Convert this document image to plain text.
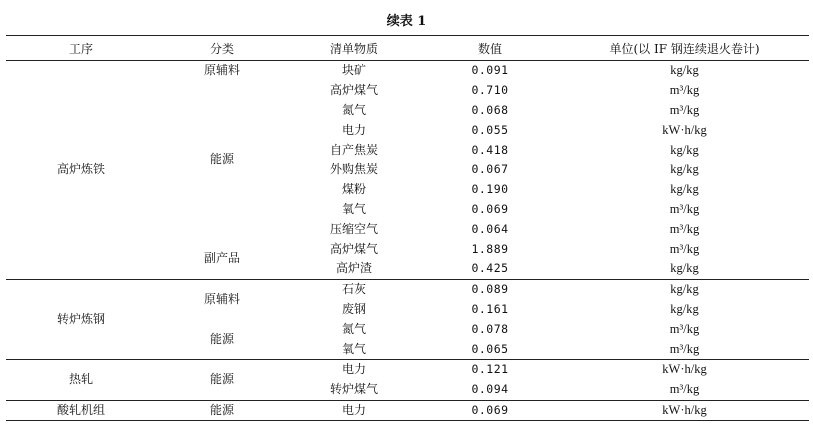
续表 1
工序	分类	清单物质	数值	单位(以 IF 钢连续退火卷计)
高炉炼铁	原辅料	块矿	0.091	kg/kg
	能源	高炉煤气	0.710	m³/kg
		氮气	0.068	m³/kg
		电力	0.055	kW·h/kg
		自产焦炭	0.418	kg/kg
		外购焦炭	0.067	kg/kg
		煤粉	0.190	kg/kg
		氧气	0.069	m³/kg
		压缩空气	0.064	m³/kg
	副产品	高炉煤气	1.889	m³/kg
		高炉渣	0.425	kg/kg
转炉炼钢	原辅料	石灰	0.089	kg/kg
		废钢	0.161	kg/kg
	能源	氮气	0.078	m³/kg
		氧气	0.065	m³/kg
热轧	能源	电力	0.121	kW·h/kg
		转炉煤气	0.094	m³/kg
酸轧机组	能源	电力	0.069	kW·h/kg
